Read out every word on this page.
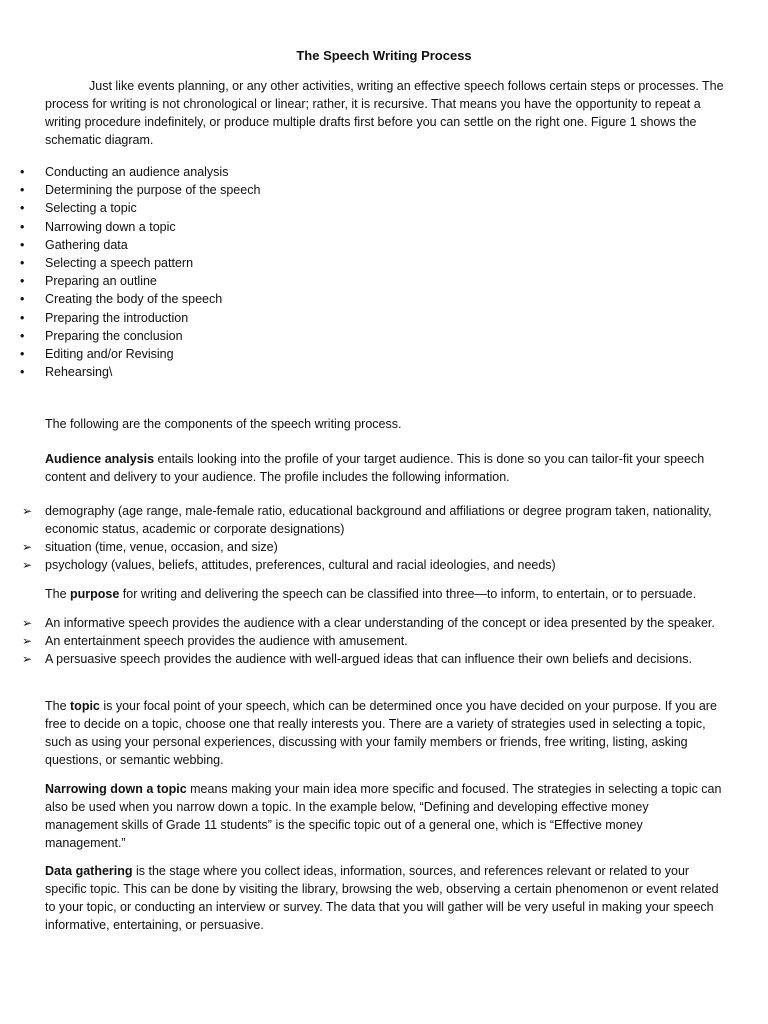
The Speech Writing Process

Just like events planning, or any other activities, writing an effective speech follows certain steps or processes. The process for writing is not chronological or linear; rather, it is recursive. That means you have the opportunity to repeat a writing procedure indefinitely, or produce multiple drafts first before you can settle on the right one. Figure 1 shows the schematic diagram.

• Conducting an audience analysis
• Determining the purpose of the speech
• Selecting a topic
• Narrowing down a topic
• Gathering data
• Selecting a speech pattern
• Preparing an outline
• Creating the body of the speech
• Preparing the introduction
• Preparing the conclusion
• Editing and/or Revising
• Rehearsing\

The following are the components of the speech writing process.

Audience analysis entails looking into the profile of your target audience. This is done so you can tailor-fit your speech content and delivery to your audience. The profile includes the following information.

➢ demography (age range, male-female ratio, educational background and affiliations or degree program taken, nationality, economic status, academic or corporate designations)
➢ situation (time, venue, occasion, and size)
➢ psychology (values, beliefs, attitudes, preferences, cultural and racial ideologies, and needs)

The purpose for writing and delivering the speech can be classified into three—to inform, to entertain, or to persuade.

➢ An informative speech provides the audience with a clear understanding of the concept or idea presented by the speaker.
➢ An entertainment speech provides the audience with amusement.
➢ A persuasive speech provides the audience with well-argued ideas that can influence their own beliefs and decisions.

The topic is your focal point of your speech, which can be determined once you have decided on your purpose. If you are free to decide on a topic, choose one that really interests you. There are a variety of strategies used in selecting a topic, such as using your personal experiences, discussing with your family members or friends, free writing, listing, asking questions, or semantic webbing.

Narrowing down a topic means making your main idea more specific and focused. The strategies in selecting a topic can also be used when you narrow down a topic. In the example below, “Defining and developing effective money management skills of Grade 11 students” is the specific topic out of a general one, which is “Effective money management.”

Data gathering is the stage where you collect ideas, information, sources, and references relevant or related to your specific topic. This can be done by visiting the library, browsing the web, observing a certain phenomenon or event related to your topic, or conducting an interview or survey. The data that you will gather will be very useful in making your speech informative, entertaining, or persuasive.
